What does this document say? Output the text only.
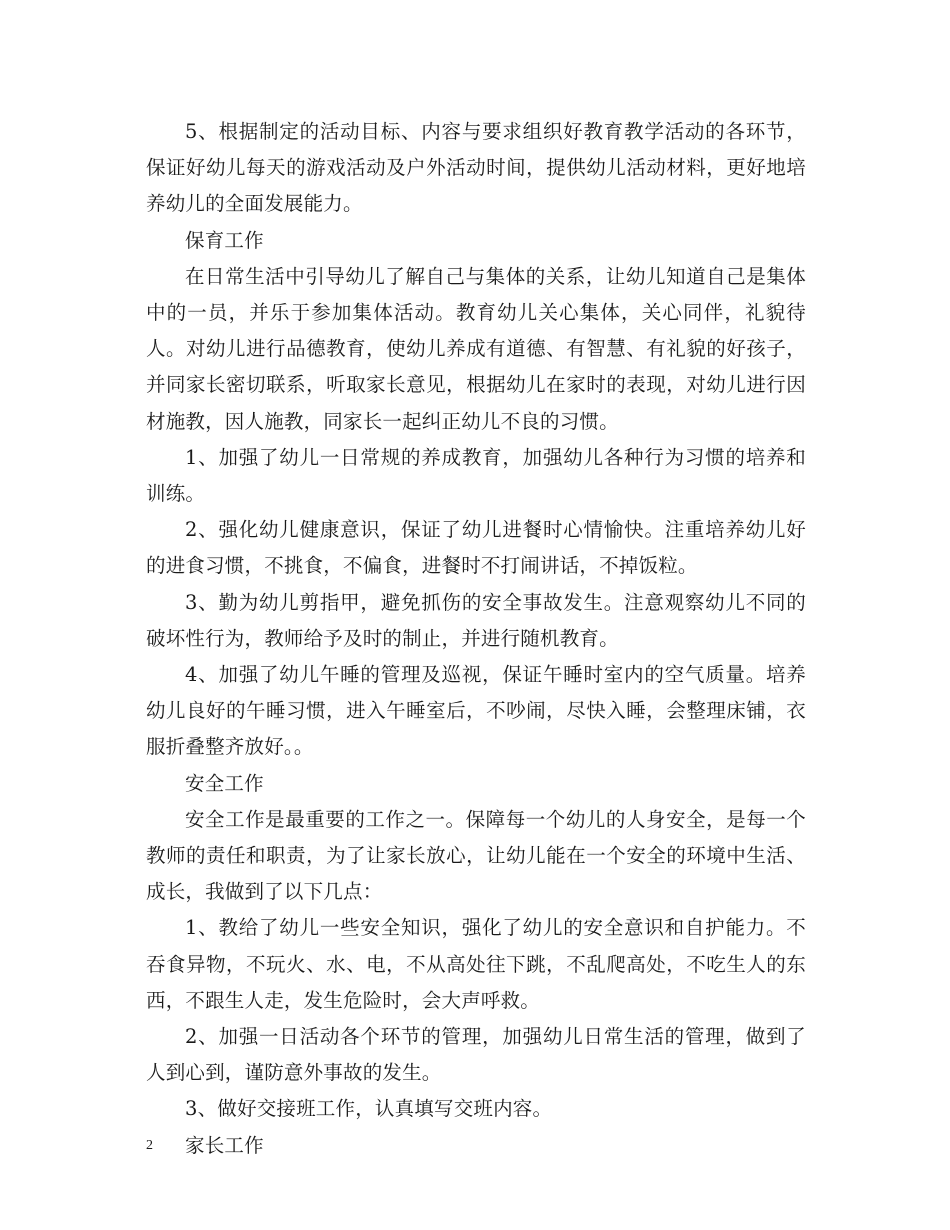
5、根据制定的活动目标、内容与要求组织好教育教学活动的各环节，保证好幼儿每天的游戏活动及户外活动时间，提供幼儿活动材料，更好地培养幼儿的全面发展能力。

保育工作

在日常生活中引导幼儿了解自己与集体的关系，让幼儿知道自己是集体中的一员，并乐于参加集体活动。教育幼儿关心集体，关心同伴，礼貌待人。对幼儿进行品德教育，使幼儿养成有道德、有智慧、有礼貌的好孩子，并同家长密切联系，听取家长意见，根据幼儿在家时的表现，对幼儿进行因材施教，因人施教，同家长一起纠正幼儿不良的习惯。

1、加强了幼儿一日常规的养成教育，加强幼儿各种行为习惯的培养和训练。

2、强化幼儿健康意识，保证了幼儿进餐时心情愉快。注重培养幼儿好的进食习惯，不挑食，不偏食，进餐时不打闹讲话，不掉饭粒。

3、勤为幼儿剪指甲，避免抓伤的安全事故发生。注意观察幼儿不同的破坏性行为，教师给予及时的制止，并进行随机教育。

4、加强了幼儿午睡的管理及巡视，保证午睡时室内的空气质量。培养幼儿良好的午睡习惯，进入午睡室后，不吵闹，尽快入睡，会整理床铺，衣服折叠整齐放好。。

安全工作

安全工作是最重要的工作之一。保障每一个幼儿的人身安全，是每一个教师的责任和职责，为了让家长放心，让幼儿能在一个安全的环境中生活、成长，我做到了以下几点：

1、教给了幼儿一些安全知识，强化了幼儿的安全意识和自护能力。不吞食异物，不玩火、水、电，不从高处往下跳，不乱爬高处，不吃生人的东西，不跟生人走，发生危险时，会大声呼救。

2、加强一日活动各个环节的管理，加强幼儿日常生活的管理，做到了人到心到，谨防意外事故的发生。

3、做好交接班工作，认真填写交班内容。

家长工作

2
